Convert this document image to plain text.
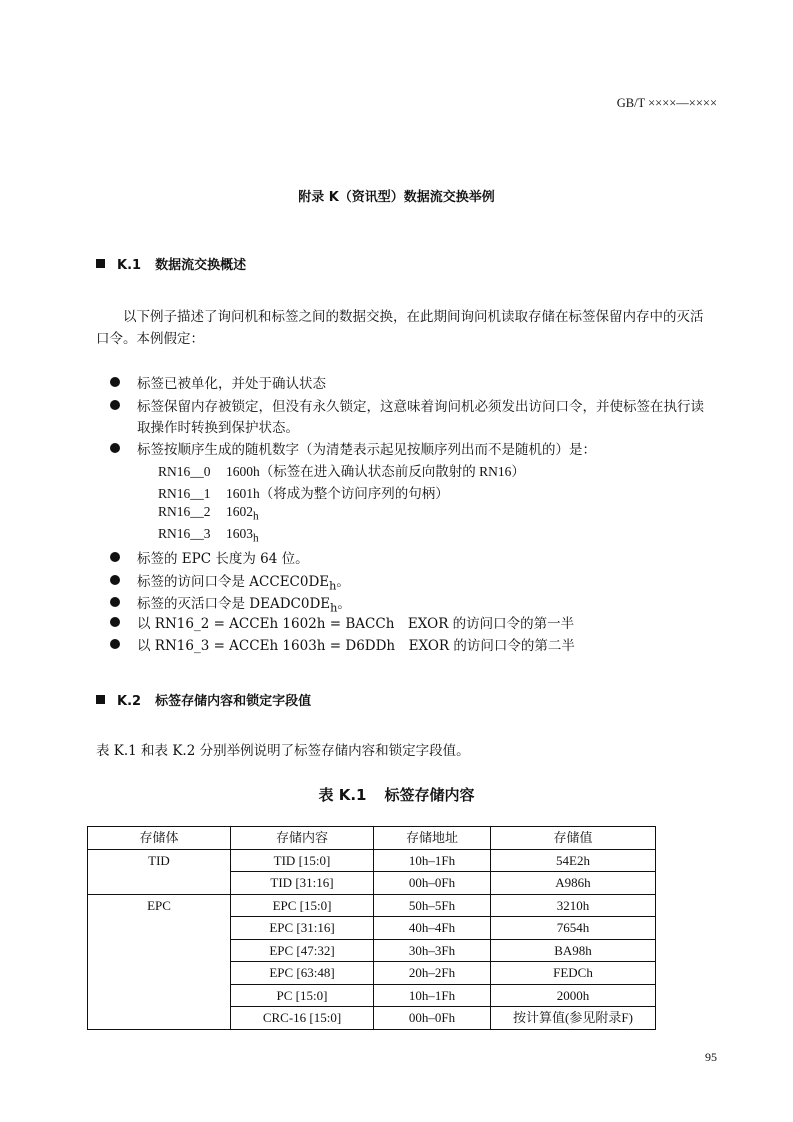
GB/T ××××—××××
附录 K（资讯型）数据流交换举例
K.1 数据流交换概述
以下例子描述了询问机和标签之间的数据交换，在此期间询问机读取存储在标签保留内存中的灭活
口令。本例假定：
标签已被单化，并处于确认状态
标签保留内存被锁定，但没有永久锁定，这意味着询问机必须发出访问口令，并使标签在执行读
取操作时转换到保护状态。
标签按顺序生成的随机数字（为清楚表示起见按顺序列出而不是随机的）是：
RN16__0 1600h（标签在进入确认状态前反向散射的 RN16）
RN16__1 1601h（将成为整个访问序列的句柄）
RN16__2 $1602_h$
RN16__3 $1603_h$
标签的 EPC 长度为 64 位。
标签的访问口令是 $ACCEC0DE_h$。
标签的灭活口令是 $DEADC0DE_h$。
以 RN16_2 = ACCEh 1602h = BACCh　EXOR 的访问口令的第一半
以 RN16_3 = ACCEh 1603h = D6DDh　EXOR 的访问口令的第二半
K.2 标签存储内容和锁定字段值
表 K.1 和表 K.2 分别举例说明了标签存储内容和锁定字段值。
表 K.1 标签存储内容
存储体	存储内容	存储地址	存储值
TID	TID [15:0]	10h–1Fh	54E2h
	TID [31:16]	00h–0Fh	A986h
EPC	EPC [15:0]	50h–5Fh	3210h
	EPC [31:16]	40h–4Fh	7654h
	EPC [47:32]	30h–3Fh	BA98h
	EPC [63:48]	20h–2Fh	FEDCh
	PC [15:0]	10h–1Fh	2000h
	CRC-16 [15:0]	00h–0Fh	按计算值(参见附录F)
95
